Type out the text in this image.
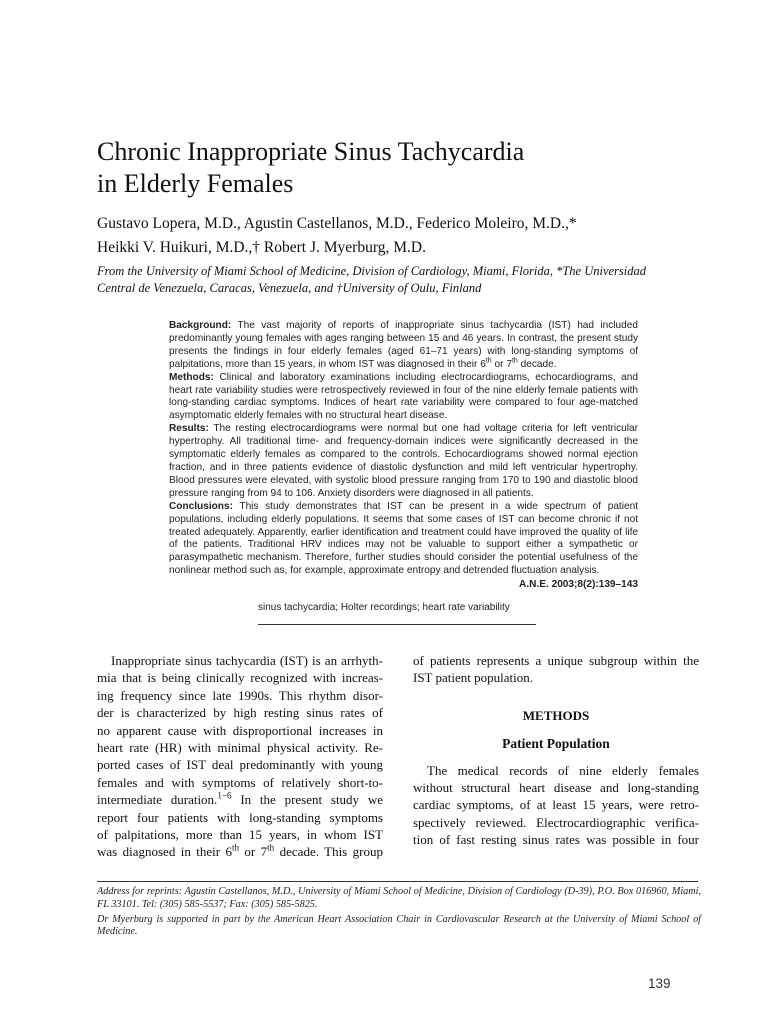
Chronic Inappropriate Sinus Tachycardia
in Elderly Females
Gustavo Lopera, M.D., Agustin Castellanos, M.D., Federico Moleiro, M.D.,*
Heikki V. Huikuri, M.D.,† Robert J. Myerburg, M.D.
From the University of Miami School of Medicine, Division of Cardiology, Miami, Florida, *The Universidad
Central de Venezuela, Caracas, Venezuela, and †University of Oulu, Finland

Background: The vast majority of reports of inappropriate sinus tachycardia (IST) had included predominantly young females with ages ranging between 15 and 46 years. In contrast, the present study presents the findings in four elderly females (aged 61–71 years) with long-standing symptoms of palpitations, more than 15 years, in whom IST was diagnosed in their 6th or 7th decade.

Methods: Clinical and laboratory examinations including electrocardiograms, echocardiograms, and heart rate variability studies were retrospectively reviewed in four of the nine elderly female patients with long-standing cardiac symptoms. Indices of heart rate variability were compared to four age-matched asymptomatic elderly females with no structural heart disease.

Results: The resting electrocardiograms were normal but one had voltage criteria for left ventricular hypertrophy. All traditional time- and frequency-domain indices were significantly decreased in the symptomatic elderly females as compared to the controls. Echocardiograms showed normal ejection fraction, and in three patients evidence of diastolic dysfunction and mild left ventricular hypertrophy. Blood pressures were elevated, with systolic blood pressure ranging from 170 to 190 and diastolic blood pressure ranging from 94 to 106. Anxiety disorders were diagnosed in all patients.

Conclusions: This study demonstrates that IST can be present in a wide spectrum of patient populations, including elderly populations. It seems that some cases of IST can become chronic if not treated adequately. Apparently, earlier identification and treatment could have improved the quality of life of the patients. Traditional HRV indices may not be valuable to support either a sympathetic or parasympathetic mechanism. Therefore, further studies should consider the potential usefulness of the nonlinear method such as, for example, approximate entropy and detrended fluctuation analysis.

A.N.E. 2003;8(2):139–143
sinus tachycardia; Holter recordings; heart rate variability
Inappropriate sinus tachycardia (IST) is an arrhyth-
mia that is being clinically recognized with increas-
ing frequency since late 1990s. This rhythm disor-
der is characterized by high resting sinus rates of
no apparent cause with disproportional increases in
heart rate (HR) with minimal physical activity. Re-
ported cases of IST deal predominantly with young
females and with symptoms of relatively short-to-
intermediate duration.$^{1-6}$ In the present study we
report four patients with long-standing symptoms
of palpitations, more than 15 years, in whom IST
was diagnosed in their 6th or 7th decade. This group
of patients represents a unique subgroup within the
IST patient population.
METHODS
Patient Population
The medical records of nine elderly females
without structural heart disease and long-standing
cardiac symptoms, of at least 15 years, were retro-
spectively reviewed. Electrocardiographic verifica-
tion of fast resting sinus rates was possible in four

Address for reprints: Agustin Castellanos, M.D., University of Miami School of Medicine, Division of Cardiology (D-39), P.O. Box 016960, Miami, FL 33101. Tel: (305) 585-5537; Fax: (305) 585-5825.

Dr Myerburg is supported in part by the American Heart Association Chair in Cardiovascular Research at the University of Miami School of Medicine.

139
